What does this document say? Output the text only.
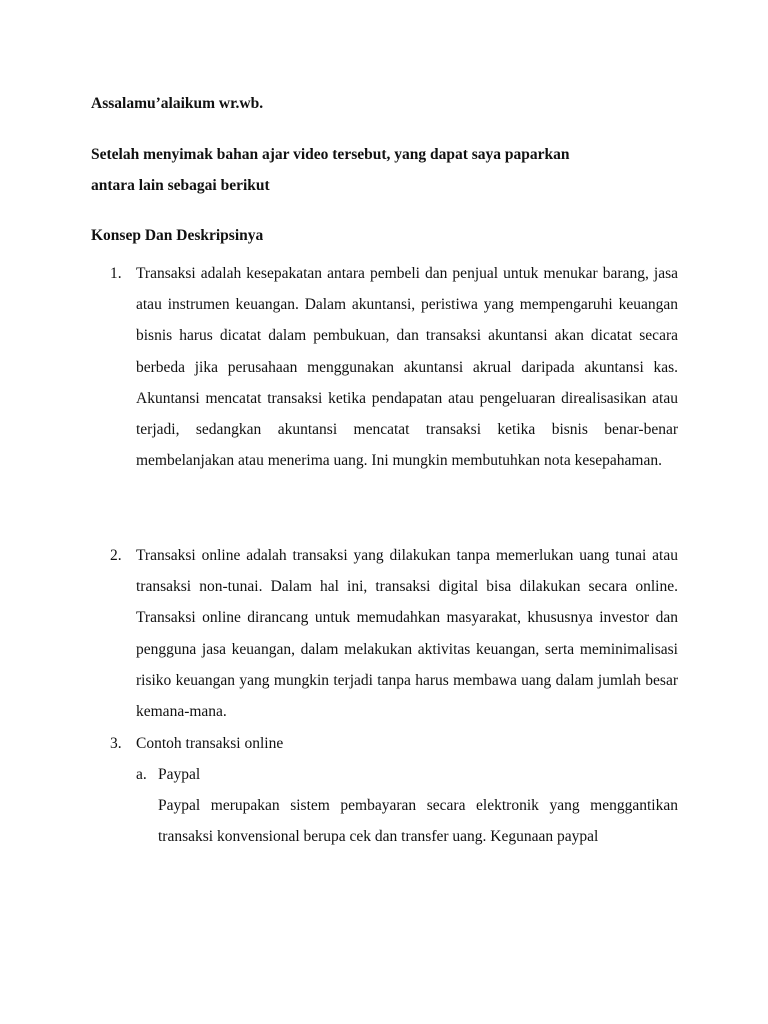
Assalamu’alaikum wr.wb.
Setelah menyimak bahan ajar video tersebut, yang dapat saya paparkan
antara lain sebagai berikut
Konsep Dan Deskripsinya
1. Transaksi adalah kesepakatan antara pembeli dan penjual untuk menukar barang, jasa atau instrumen keuangan. Dalam akuntansi, peristiwa yang mempengaruhi keuangan bisnis harus dicatat dalam pembukuan, dan transaksi akuntansi akan dicatat secara berbeda jika perusahaan menggunakan akuntansi akrual daripada akuntansi kas. Akuntansi mencatat transaksi ketika pendapatan atau pengeluaran direalisasikan atau terjadi, sedangkan akuntansi mencatat transaksi ketika bisnis benar-benar membelanjakan atau menerima uang. Ini mungkin membutuhkan nota kesepahaman.
2. Transaksi online adalah transaksi yang dilakukan tanpa memerlukan uang tunai atau transaksi non-tunai. Dalam hal ini, transaksi digital bisa dilakukan secara online. Transaksi online dirancang untuk memudahkan masyarakat, khususnya investor dan pengguna jasa keuangan, dalam melakukan aktivitas keuangan, serta meminimalisasi risiko keuangan yang mungkin terjadi tanpa harus membawa uang dalam jumlah besar kemana-mana.
3. Contoh transaksi online
a. Paypal
Paypal merupakan sistem pembayaran secara elektronik yang menggantikan transaksi konvensional berupa cek dan transfer uang. Kegunaan paypal
